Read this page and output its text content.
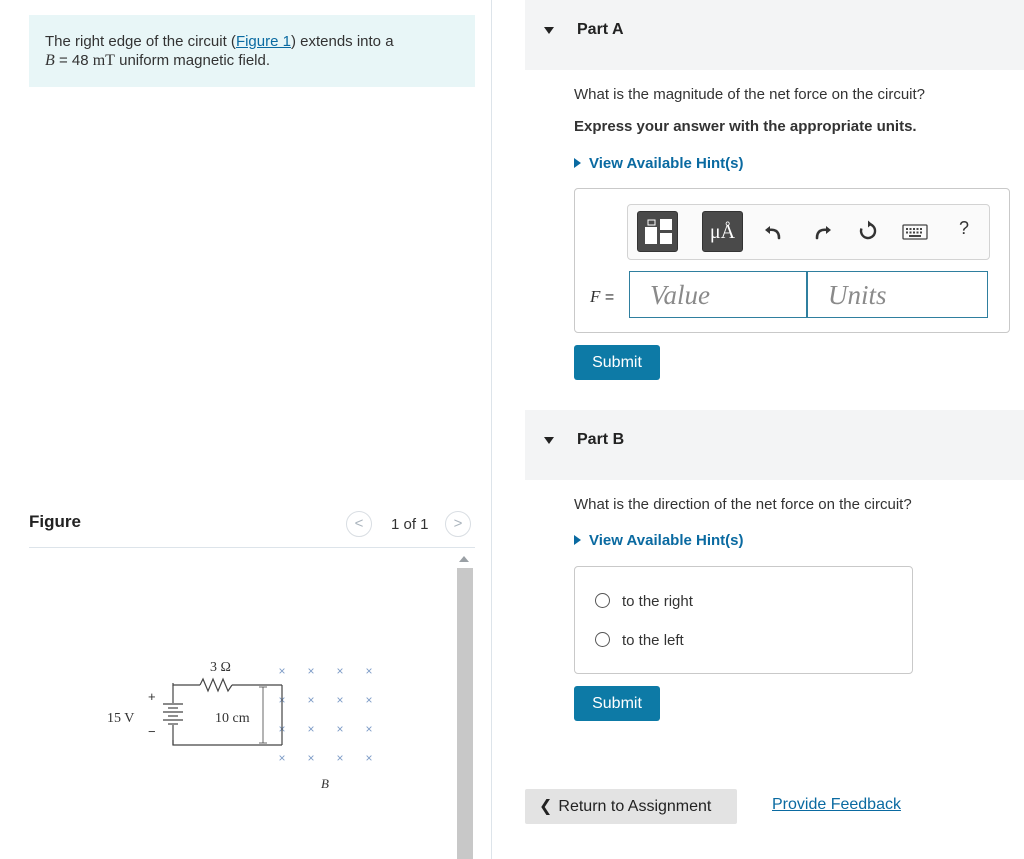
The right edge of the circuit (Figure 1) extends into a
B = 48 mT uniform magnetic field.
Figure	<	1 of 1	>
× × × ×
× × × ×
× × × ×
× × × ×
3 Ω
15 V
+
−
10 cm
B
Part A
What is the magnitude of the net force on the circuit?
Express your answer with the appropriate units.
View Available Hint(s)
μÅ	?
F =	Value	Units
Submit
Part B
What is the direction of the net force on the circuit?
View Available Hint(s)
to the right
to the left
Submit
❮ Return to Assignment	Provide Feedback
